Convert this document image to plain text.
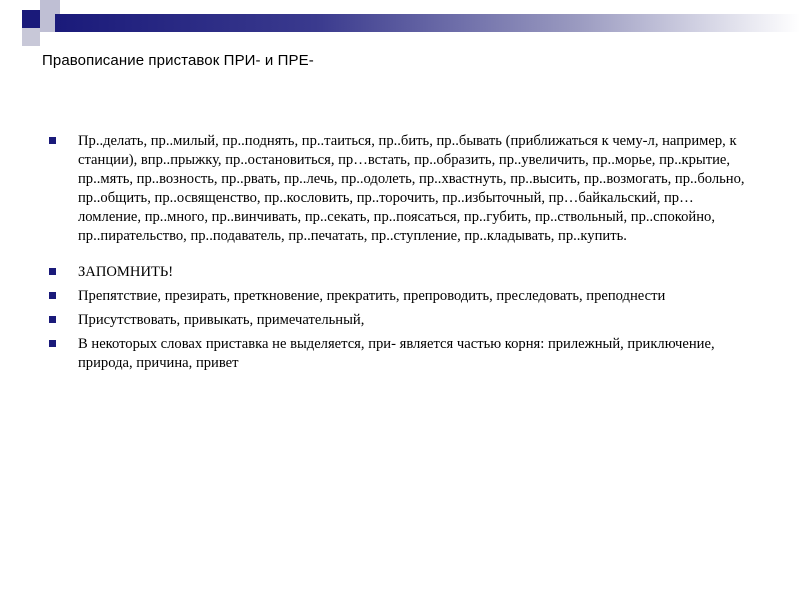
Правописание приставок ПРИ- и ПРЕ-
Пр..делать, пр..милый, пр..поднять, пр..таиться, пр..бить, пр..бывать (приближаться к чему-л, например, к станции), впр..прыжку, пр..остановиться, пр…встать, пр..образить, пр..увеличить, пр..морье, пр..крытие, пр..мять, пр..возность, пр..рвать, пр..лечь, пр..одолеть, пр..хвастнуть, пр..высить, пр..возмогать, пр..больно, пр..общить, пр..освященство, пр..кословить, пр..торочить, пр..избыточный, пр…байкальский, пр…ломление, пр..много, пр..винчивать, пр..секать, пр..поясаться, пр..губить, пр..ствольный, пр..спокойно, пр..пирательство, пр..подаватель, пр..печатать, пр..ступление, пр..кладывать, пр..купить.
ЗАПОМНИТЬ!
Препятствие, презирать, преткновение, прекратить, препроводить, преследовать, преподнести
Присутствовать, привыкать, примечательный,
В некоторых словах приставка не выделяется, при- является частью корня: прилежный, приключение, природа, причина, привет
